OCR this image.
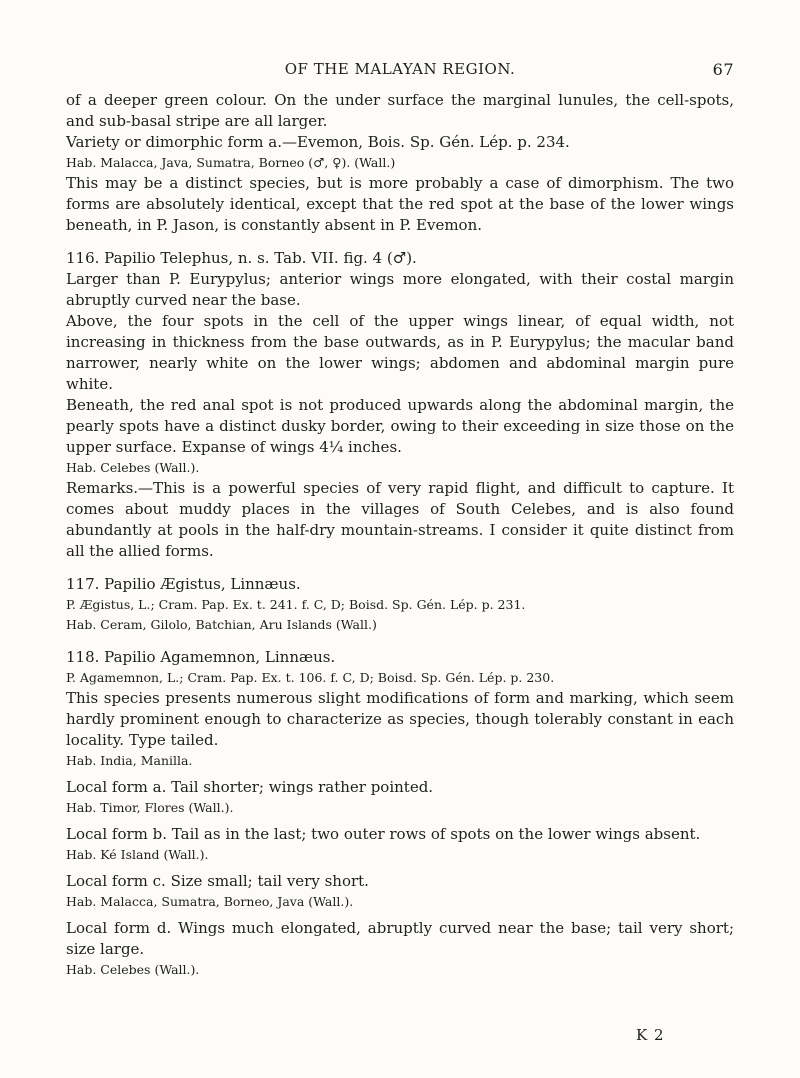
OF THE MALAYAN REGION.	67

of a deeper green colour. On the under surface the marginal lunules, the cell-spots, and sub-basal stripe are all larger.

Variety or dimorphic form a.—Evemon, Bois. Sp. Gén. Lép. p. 234.

Hab. Malacca, Java, Sumatra, Borneo (♂, ♀). (Wall.)

This may be a distinct species, but is more probably a case of dimorphism. The two forms are absolutely identical, except that the red spot at the base of the lower wings beneath, in P. Jason, is constantly absent in P. Evemon.

116. Papilio Telephus, n. s. Tab. VII. fig. 4 (♂).

Larger than P. Eurypylus; anterior wings more elongated, with their costal margin abruptly curved near the base.

Above, the four spots in the cell of the upper wings linear, of equal width, not increasing in thickness from the base outwards, as in P. Eurypylus; the macular band narrower, nearly white on the lower wings; abdomen and abdominal margin pure white.

Beneath, the red anal spot is not produced upwards along the abdominal margin, the pearly spots have a distinct dusky border, owing to their exceeding in size those on the upper surface. Expanse of wings 4¼ inches.

Hab. Celebes (Wall.).

Remarks.—This is a powerful species of very rapid flight, and difficult to capture. It comes about muddy places in the villages of South Celebes, and is also found abundantly at pools in the half-dry mountain-streams. I consider it quite distinct from all the allied forms.

117. Papilio Ægistus, Linnæus.

P. Ægistus, L.; Cram. Pap. Ex. t. 241. f. C, D; Boisd. Sp. Gén. Lép. p. 231.

Hab. Ceram, Gilolo, Batchian, Aru Islands (Wall.)

118. Papilio Agamemnon, Linnæus.

P. Agamemnon, L.; Cram. Pap. Ex. t. 106. f. C, D; Boisd. Sp. Gén. Lép. p. 230.

This species presents numerous slight modifications of form and marking, which seem hardly prominent enough to characterize as species, though tolerably constant in each locality. Type tailed.

Hab. India, Manilla.

Local form a. Tail shorter; wings rather pointed.

Hab. Timor, Flores (Wall.).

Local form b. Tail as in the last; two outer rows of spots on the lower wings absent.

Hab. Ké Island (Wall.).

Local form c. Size small; tail very short.

Hab. Malacca, Sumatra, Borneo, Java (Wall.).

Local form d. Wings much elongated, abruptly curved near the base; tail very short; size large.

Hab. Celebes (Wall.).

K 2
